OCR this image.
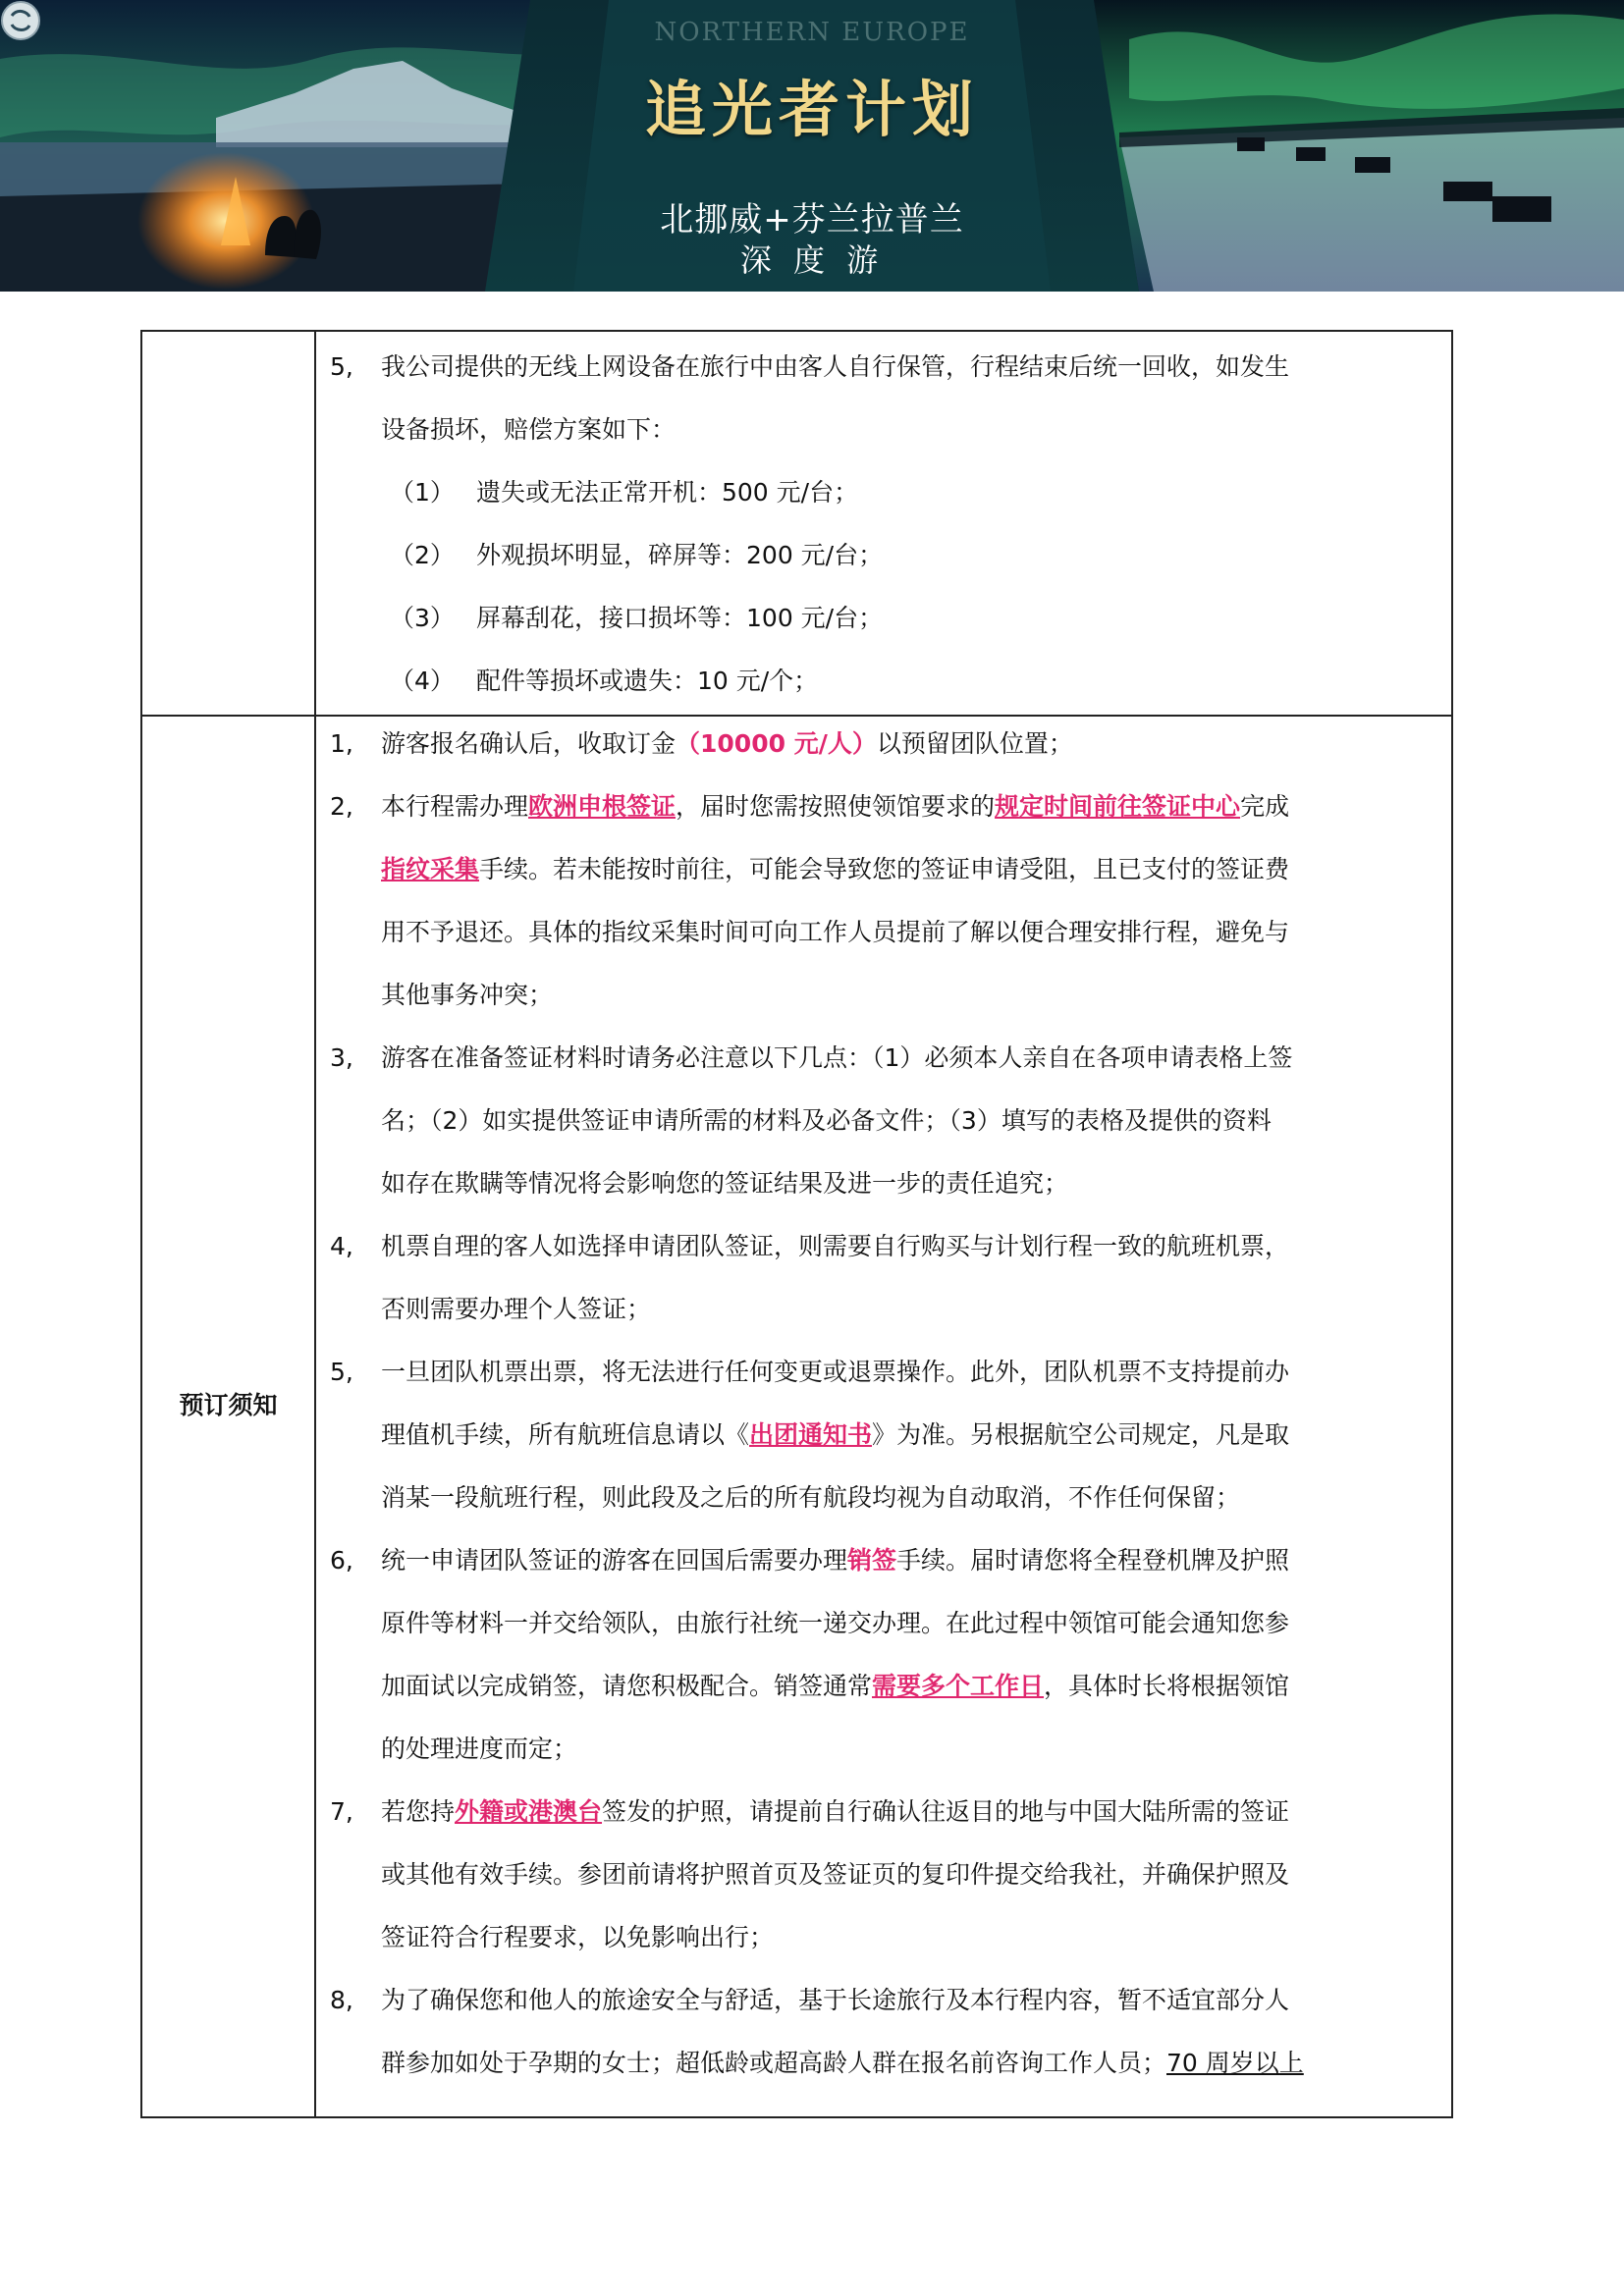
NORTHERN EUROPE
追光者计划
北挪威+芬兰拉普兰
深 度 游
5, 我公司提供的无线上网设备在旅行中由客人自行保管，行程结束后统一回收，如发生
设备损坏，赔偿方案如下：
（1） 遗失或无法正常开机：500 元/台；
（2） 外观损坏明显，碎屏等：200 元/台；
（3） 屏幕刮花，接口损坏等：100 元/台；
（4） 配件等损坏或遗失：10 元/个；
预订须知
1, 游客报名确认后，收取订金（10000 元/人）以预留团队位置；
2, 本行程需办理欧洲申根签证，届时您需按照使领馆要求的规定时间前往签证中心完成
指纹采集手续。若未能按时前往，可能会导致您的签证申请受阻，且已支付的签证费
用不予退还。具体的指纹采集时间可向工作人员提前了解以便合理安排行程，避免与
其他事务冲突；
3, 游客在准备签证材料时请务必注意以下几点：（1）必须本人亲自在各项申请表格上签
名；（2）如实提供签证申请所需的材料及必备文件；（3）填写的表格及提供的资料
如存在欺瞒等情况将会影响您的签证结果及进一步的责任追究；
4, 机票自理的客人如选择申请团队签证，则需要自行购买与计划行程一致的航班机票，
否则需要办理个人签证；
5, 一旦团队机票出票，将无法进行任何变更或退票操作。此外，团队机票不支持提前办
理值机手续，所有航班信息请以《出团通知书》为准。另根据航空公司规定，凡是取
消某一段航班行程，则此段及之后的所有航段均视为自动取消，不作任何保留；
6, 统一申请团队签证的游客在回国后需要办理销签手续。届时请您将全程登机牌及护照
原件等材料一并交给领队，由旅行社统一递交办理。在此过程中领馆可能会通知您参
加面试以完成销签，请您积极配合。销签通常需要多个工作日，具体时长将根据领馆
的处理进度而定；
7, 若您持外籍或港澳台签发的护照，请提前自行确认往返目的地与中国大陆所需的签证
或其他有效手续。参团前请将护照首页及签证页的复印件提交给我社，并确保护照及
签证符合行程要求，以免影响出行；
8, 为了确保您和他人的旅途安全与舒适，基于长途旅行及本行程内容，暂不适宜部分人
群参加如处于孕期的女士；超低龄或超高龄人群在报名前咨询工作人员；70 周岁以上
